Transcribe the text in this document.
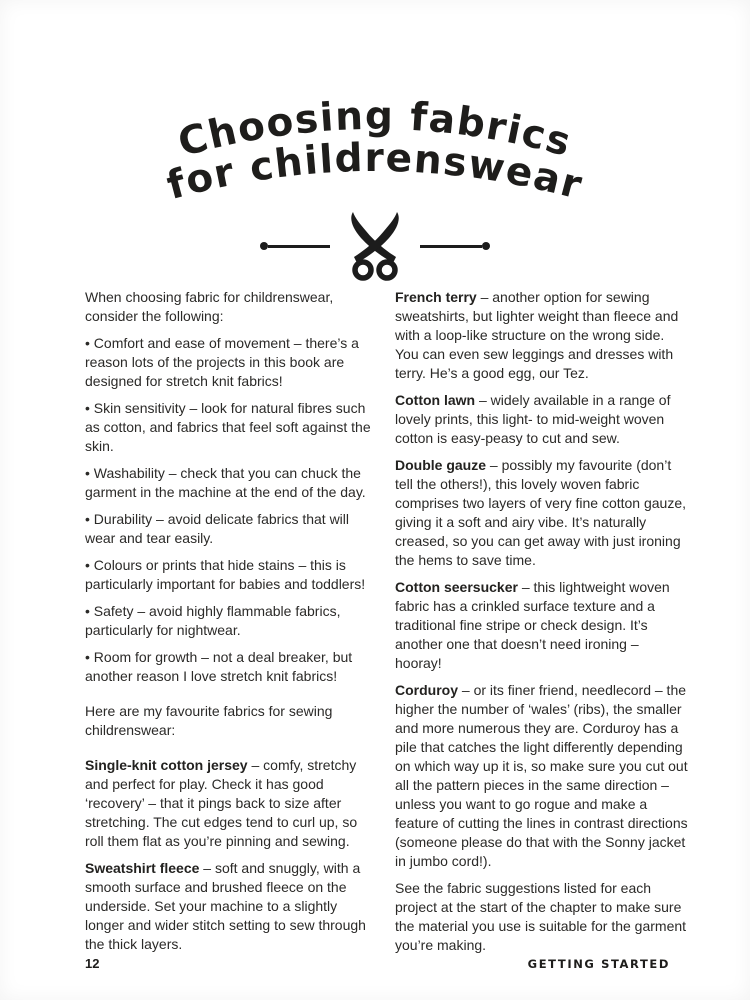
Choosing fabrics
for childrenswear

When choosing fabric for childrenswear, consider the following:

• Comfort and ease of movement – there’s a reason lots of the projects in this book are designed for stretch knit fabrics!

• Skin sensitivity – look for natural fibres such as cotton, and fabrics that feel soft against the skin.

• Washability – check that you can chuck the garment in the machine at the end of the day.

• Durability – avoid delicate fabrics that will wear and tear easily.

• Colours or prints that hide stains – this is particularly important for babies and toddlers!

• Safety – avoid highly flammable fabrics, particularly for nightwear.

• Room for growth – not a deal breaker, but another reason I love stretch knit fabrics!

Here are my favourite fabrics for sewing childrenswear:

Single-knit cotton jersey – comfy, stretchy and perfect for play. Check it has good ‘recovery’ – that it pings back to size after stretching. The cut edges tend to curl up, so roll them flat as you’re pinning and sewing.

Sweatshirt fleece – soft and snuggly, with a smooth surface and brushed fleece on the underside. Set your machine to a slightly longer and wider stitch setting to sew through the thick layers.

French terry – another option for sewing sweatshirts, but lighter weight than fleece and with a loop-like structure on the wrong side. You can even sew leggings and dresses with terry. He’s a good egg, our Tez.

Cotton lawn – widely available in a range of lovely prints, this light- to mid-weight woven cotton is easy-peasy to cut and sew.

Double gauze – possibly my favourite (don’t tell the others!), this lovely woven fabric comprises two layers of very fine cotton gauze, giving it a soft and airy vibe. It’s naturally creased, so you can get away with just ironing the hems to save time.

Cotton seersucker – this lightweight woven fabric has a crinkled surface texture and a traditional fine stripe or check design. It’s another one that doesn’t need ironing – hooray!

Corduroy – or its finer friend, needlecord – the higher the number of ‘wales’ (ribs), the smaller and more numerous they are. Corduroy has a pile that catches the light differently depending on which way up it is, so make sure you cut out all the pattern pieces in the same direction – unless you want to go rogue and make a feature of cutting the lines in contrast directions (someone please do that with the Sonny jacket in jumbo cord!).

See the fabric suggestions listed for each project at the start of the chapter to make sure the material you use is suitable for the garment you’re making.

12	GETTING STARTED
